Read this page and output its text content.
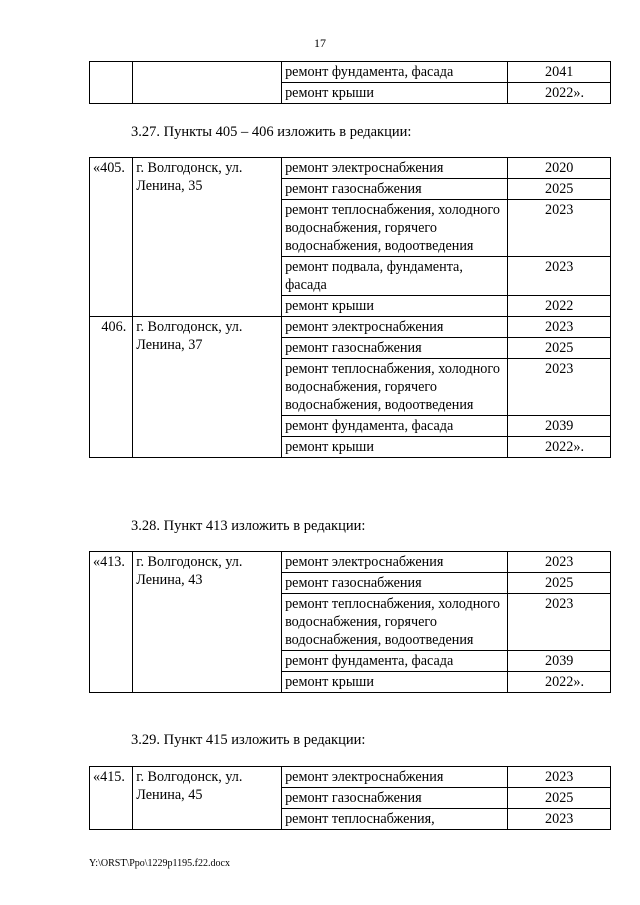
17
		ремонт фундамента, фасада	2041
		ремонт крыши	2022».
3.27. Пункты 405 – 406 изложить в редакции:
«405.	г. Волгодонск, ул. Ленина, 35	ремонт электроснабжения	2020
		ремонт газоснабжения	2025
		ремонт теплоснабжения, холодного водоснабжения, горячего водоснабжения, водоотведения	2023
		ремонт подвала, фундамента, фасада	2023
		ремонт крыши	2022
406.	г. Волгодонск, ул. Ленина, 37	ремонт электроснабжения	2023
		ремонт газоснабжения	2025
		ремонт теплоснабжения, холодного водоснабжения, горячего водоснабжения, водоотведения	2023
		ремонт фундамента, фасада	2039
		ремонт крыши	2022».
3.28. Пункт 413 изложить в редакции:
«413.	г. Волгодонск, ул. Ленина, 43	ремонт электроснабжения	2023
		ремонт газоснабжения	2025
		ремонт теплоснабжения, холодного водоснабжения, горячего водоснабжения, водоотведения	2023
		ремонт фундамента, фасада	2039
		ремонт крыши	2022».
3.29. Пункт 415 изложить в редакции:
«415.	г. Волгодонск, ул. Ленина, 45	ремонт электроснабжения	2023
		ремонт газоснабжения	2025
		ремонт теплоснабжения,	2023
Y:\ORST\Ppo\1229p1195.f22.docx
